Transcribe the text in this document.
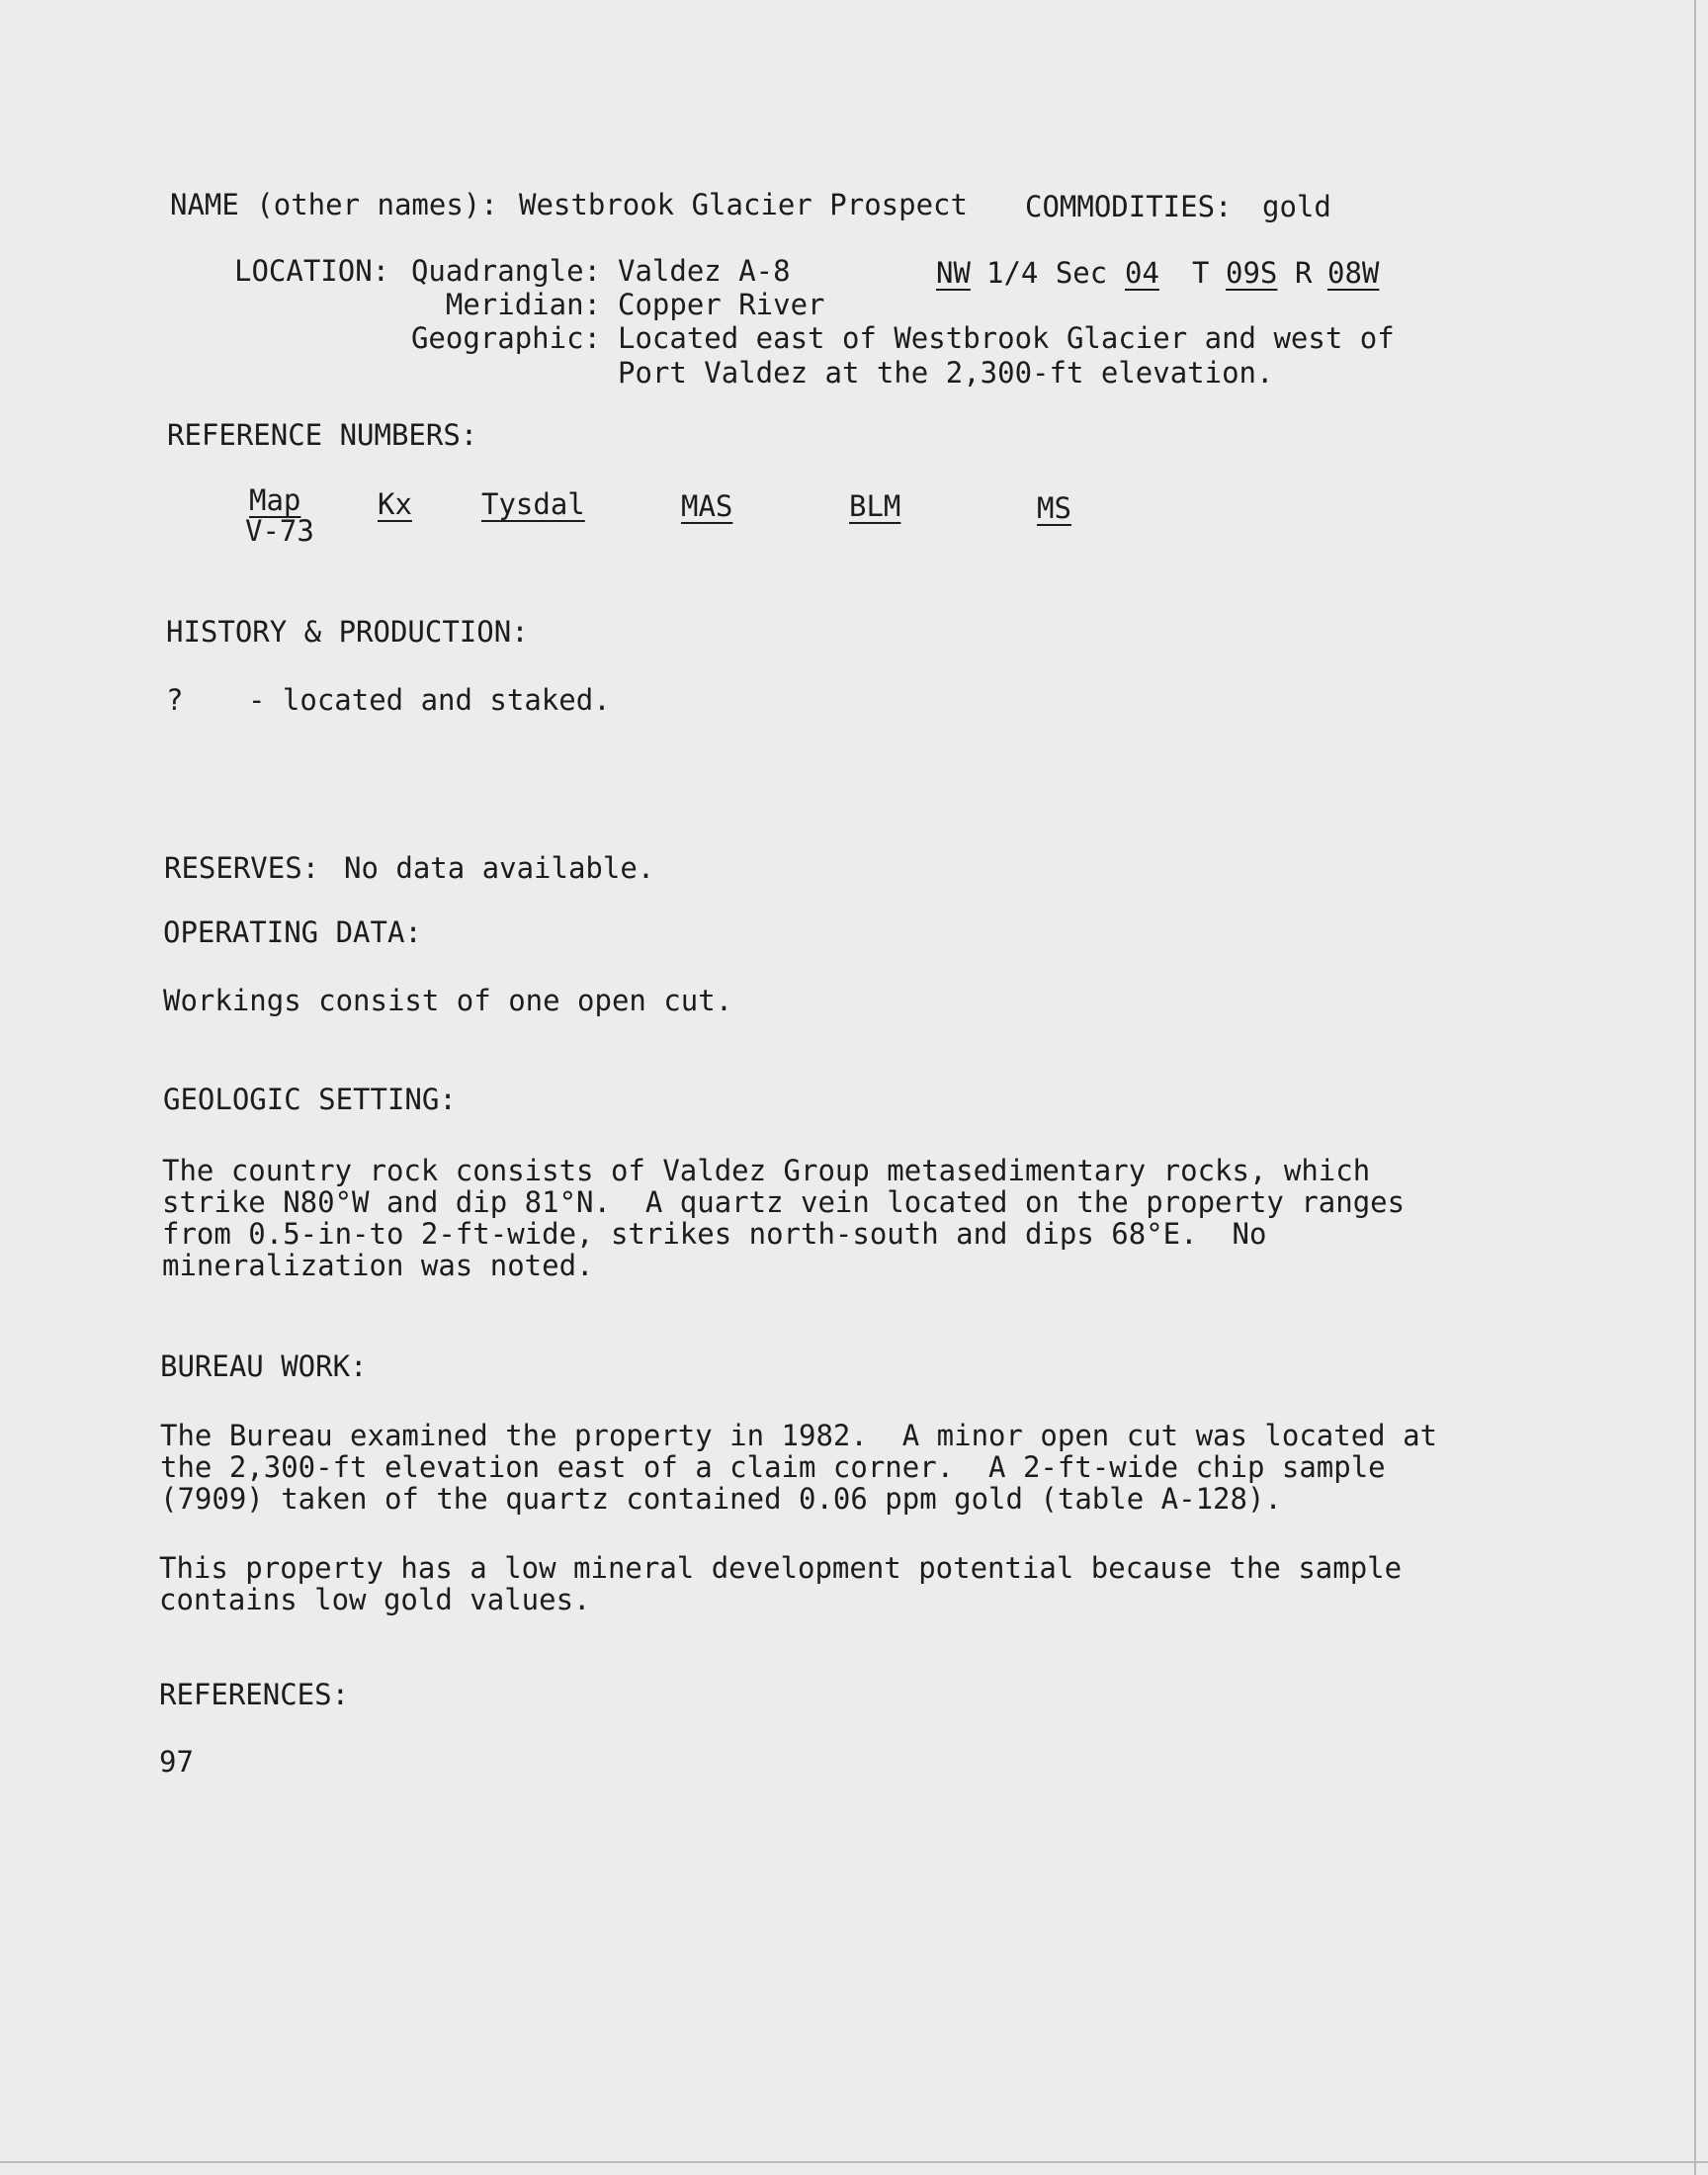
NAME (other names): Westbrook Glacier Prospect COMMODITIES: gold
LOCATION: Quadrangle: Valdez A-8
Meridian: Copper River
Geographic: Located east of Westbrook Glacier and west of
Port Valdez at the 2,300-ft elevation.
NW 1/4 Sec 04 T 09S R 08W
REFERENCE NUMBERS:
Map
V-73
Kx Tysdal	MAS	BLM	MS
HISTORY & PRODUCTION:
? - located and staked.
RESERVES: No data available.
OPERATING DATA:
Workings consist of one open cut.
GEOLOGIC SETTING:
The country rock consists of Valdez Group metasedimentary rocks, which
strike N80°W and dip 81°N.  A quartz vein located on the property ranges
from 0.5-in-to 2-ft-wide, strikes north-south and dips 68°E.  No
mineralization was noted.
BUREAU WORK:
The Bureau examined the property in 1982.  A minor open cut was located at
the 2,300-ft elevation east of a claim corner.  A 2-ft-wide chip sample
(7909) taken of the quartz contained 0.06 ppm gold (table A-128).
This property has a low mineral development potential because the sample
contains low gold values.
REFERENCES:
97
